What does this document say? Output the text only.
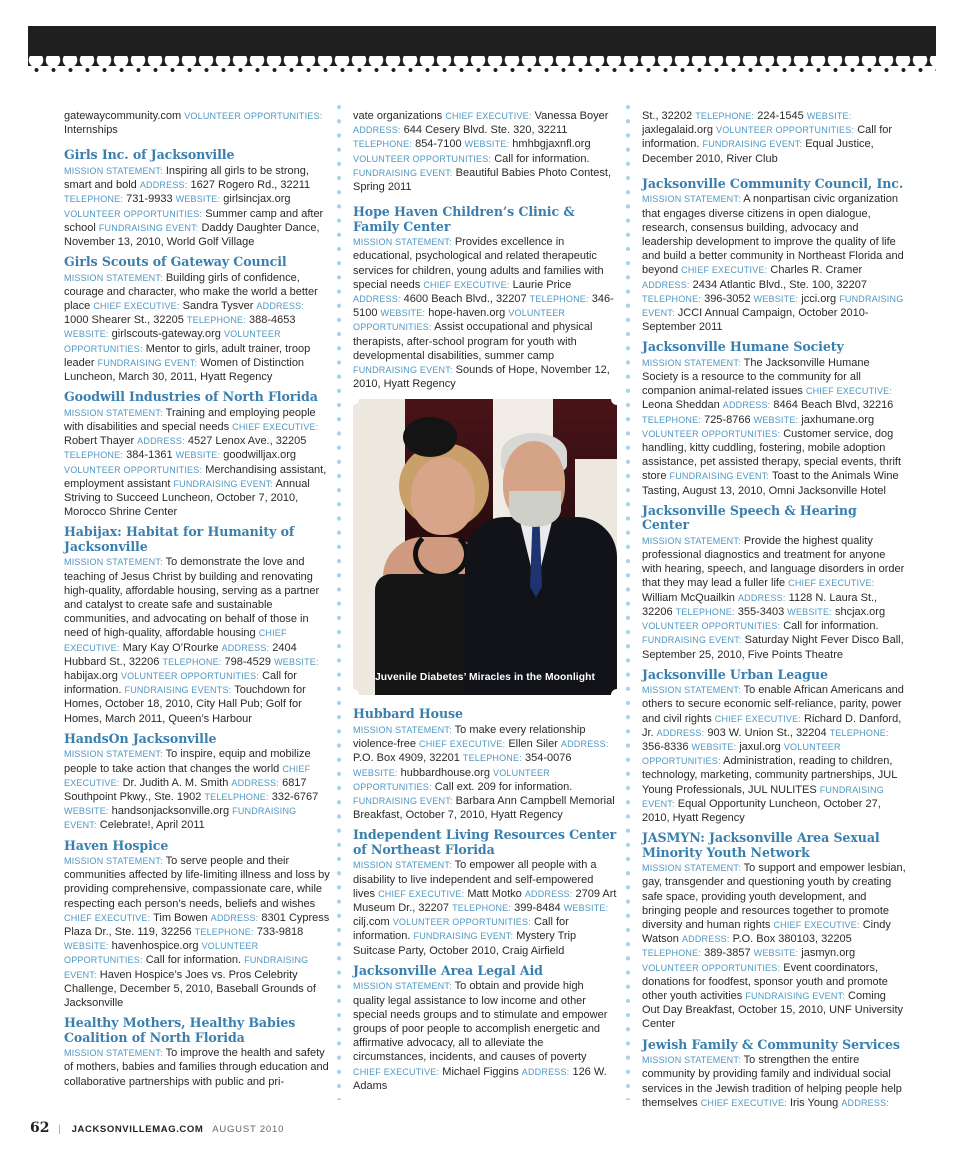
gatewaycommunity.com VOLUNTEER OPPORTUNITIES: Internships

Girls Inc. of Jacksonville

MISSION STATEMENT: Inspiring all girls to be strong, smart and bold ADDRESS: 1627 Rogero Rd., 32211 TELEPHONE: 731-9933 WEBSITE: girlsincjax.org VOLUNTEER OPPORTUNITIES: Summer camp and after school FUNDRAISING EVENT: Daddy Daughter Dance, November 13, 2010, World Golf Village

Girls Scouts of Gateway Council

MISSION STATEMENT: Building girls of confidence, courage and character, who make the world a better place CHIEF EXECUTIVE: Sandra Tysver ADDRESS: 1000 Shearer St., 32205 TELEPHONE: 388-4653 WEBSITE: girlscouts-gateway.org VOLUNTEER OPPORTUNITIES: Mentor to girls, adult trainer, troop leader FUNDRAISING EVENT: Women of Distinction Luncheon, March 30, 2011, Hyatt Regency

Goodwill Industries of North Florida

MISSION STATEMENT: Training and employing people with disabilities and special needs CHIEF EXECUTIVE: Robert Thayer ADDRESS: 4527 Lenox Ave., 32205 TELEPHONE: 384-1361 WEBSITE: goodwilljax.org VOLUNTEER OPPORTUNITIES: Merchandising assistant, employment assistant FUNDRAISING EVENT: Annual Striving to Succeed Luncheon, October 7, 2010, Morocco Shrine Center

Habijax: Habitat for Humanity of Jacksonville

MISSION STATEMENT: To demonstrate the love and teaching of Jesus Christ by building and renovating high-quality, affordable housing, serving as a partner and catalyst to create safe and sustainable communities, and advocating on behalf of those in need of high-quality, affordable housing CHIEF EXECUTIVE: Mary Kay O’Rourke ADDRESS: 2404 Hubbard St., 32206 TELEPHONE: 798-4529 WEBSITE: habijax.org VOLUNTEER OPPORTUNITIES: Call for information. FUNDRAISING EVENTS: Touchdown for Homes, October 18, 2010, City Hall Pub; Golf for Homes, March 2011, Queen’s Harbour

HandsOn Jacksonville

MISSION STATEMENT: To inspire, equip and mobilize people to take action that changes the world CHIEF EXECUTIVE: Dr. Judith A. M. Smith ADDRESS: 6817 Southpoint Pkwy., Ste. 1902 TELELPHONE: 332-6767 WEBSITE: handsonjacksonville.org FUNDRAISING EVENT: Celebrate!, April 2011

Haven Hospice

MISSION STATEMENT: To serve people and their communities affected by life-limiting illness and loss by providing comprehensive, compassionate care, while respecting each person’s needs, beliefs and wishes CHIEF EXECUTIVE: Tim Bowen ADDRESS: 8301 Cypress Plaza Dr., Ste. 119, 32256 TELEPHONE: 733-9818 WEBSITE: havenhospice.org VOLUNTEER OPPORTUNITIES: Call for information. FUNDRAISING EVENT: Haven Hospice’s Joes vs. Pros Celebrity Challenge, December 5, 2010, Baseball Grounds of Jacksonville

Healthy Mothers, Healthy Babies Coalition of North Florida

MISSION STATEMENT: To improve the health and safety of mothers, babies and families through education and collaborative partnerships with public and pri-

vate organizations CHIEF EXECUTIVE: Vanessa Boyer ADDRESS: 644 Cesery Blvd. Ste. 320, 32211 TELEPHONE: 854-7100 WEBSITE: hmhbgjaxnfl.org VOLUNTEER OPPORTUNITIES: Call for information. FUNDRAISING EVENT: Beautiful Babies Photo Contest, Spring 2011

Hope Haven Children’s Clinic & Family Center

MISSION STATEMENT: Provides excellence in educational, psychological and related therapeutic services for children, young adults and families with special needs CHIEF EXECUTIVE: Laurie Price ADDRESS: 4600 Beach Blvd., 32207 TELEPHONE: 346-5100 WEBSITE: hope-haven.org VOLUNTEER OPPORTUNITIES: Assist occupational and physical therapists, after-school program for youth with developmental disabilities, summer camp FUNDRAISING EVENT: Sounds of Hope, November 12, 2010, Hyatt Regency

Juvenile Diabetes’ Miracles in the Moonlight
Hubbard House

MISSION STATEMENT: To make every relationship violence-free CHIEF EXECUTIVE: Ellen Siler ADDRESS: P.O. Box 4909, 32201 TELEPHONE: 354-0076 WEBSITE: hubbardhouse.org VOLUNTEER OPPORTUNITIES: Call ext. 209 for information. FUNDRAISING EVENT: Barbara Ann Campbell Memorial Breakfast, October 7, 2010, Hyatt Regency

Independent Living Resources Center of Northeast Florida

MISSION STATEMENT: To empower all people with a disability to live independent and self-empowered lives CHIEF EXECUTIVE: Matt Motko ADDRESS: 2709 Art Museum Dr., 32207 TELEPHONE: 399-8484 WEBSITE: cilj.com VOLUNTEER OPPORTUNITIES: Call for information. FUNDRAISING EVENT: Mystery Trip Suitcase Party, October 2010, Craig Airfield

Jacksonville Area Legal Aid

MISSION STATEMENT: To obtain and provide high quality legal assistance to low income and other special needs groups and to stimulate and empower groups of poor people to accomplish energetic and affirmative advocacy, all to alleviate the circumstances, incidents, and causes of poverty CHIEF EXECUTIVE: Michael Figgins ADDRESS: 126 W. Adams

St., 32202 TELEPHONE: 224-1545 WEBSITE: jaxlegalaid.org VOLUNTEER OPPORTUNITIES: Call for information. FUNDRAISING EVENT: Equal Justice, December 2010, River Club

Jacksonville Community Council, Inc.

MISSION STATEMENT: A nonpartisan civic organization that engages diverse citizens in open dialogue, research, consensus building, advocacy and leadership development to improve the quality of life and build a better community in Northeast Florida and beyond CHIEF EXECUTIVE: Charles R. Cramer ADDRESS: 2434 Atlantic Blvd., Ste. 100, 32207 TELEPHONE: 396-3052 WEBSITE: jcci.org FUNDRAISING EVENT: JCCI Annual Campaign, October 2010-September 2011

Jacksonville Humane Society

MISSION STATEMENT: The Jacksonville Humane Society is a resource to the community for all companion animal-related issues CHIEF EXECUTIVE: Leona Sheddan ADDRESS: 8464 Beach Blvd, 32216 TELEPHONE: 725-8766 WEBSITE: jaxhumane.org VOLUNTEER OPPORTUNITIES: Customer service, dog handling, kitty cuddling, fostering, mobile adoption assistance, pet assisted therapy, special events, thrift store FUNDRAISING EVENT: Toast to the Animals Wine Tasting, August 13, 2010, Omni Jacksonville Hotel

Jacksonville Speech & Hearing Center

MISSION STATEMENT: Provide the highest quality professional diagnostics and treatment for anyone with hearing, speech, and language disorders in order that they may lead a fuller life CHIEF EXECUTIVE: William McQuailkin ADDRESS: 1128 N. Laura St., 32206 TELEPHONE: 355-3403 WEBSITE: shcjax.org VOLUNTEER OPPORTUNITIES: Call for information. FUNDRAISING EVENT: Saturday Night Fever Disco Ball, September 25, 2010, Five Points Theatre

Jacksonville Urban League

MISSION STATEMENT: To enable African Americans and others to secure economic self-reliance, parity, power and civil rights CHIEF EXECUTIVE: Richard D. Danford, Jr. ADDRESS: 903 W. Union St., 32204 TELEPHONE: 356-8336 WEBSITE: jaxul.org VOLUNTEER OPPORTUNITIES: Administration, reading to children, technology, marketing, community partnerships, JUL Young Professionals, JUL NULITES FUNDRAISING EVENT: Equal Opportunity Luncheon, October 27, 2010, Hyatt Regency

JASMYN: Jacksonville Area Sexual Minority Youth Network

MISSION STATEMENT: To support and empower lesbian, gay, transgender and questioning youth by creating safe space, providing youth development, and bringing people and resources together to promote diversity and human rights CHIEF EXECUTIVE: Cindy Watson ADDRESS: P.O. Box 380103, 32205 TELEPHONE: 389-3857 WEBSITE: jasmyn.org VOLUNTEER OPPORTUNITIES: Event coordinators, donations for foodfest, sponsor youth and promote other youth activities FUNDRAISING EVENT: Coming Out Day Breakfast, October 15, 2010, UNF University Center

Jewish Family & Community Services

MISSION STATEMENT: To strengthen the entire community by providing family and individual social services in the Jewish tradition of helping people help themselves CHIEF EXECUTIVE: Iris Young ADDRESS:

62 | JACKSONVILLEMAG.COM AUGUST 2010
